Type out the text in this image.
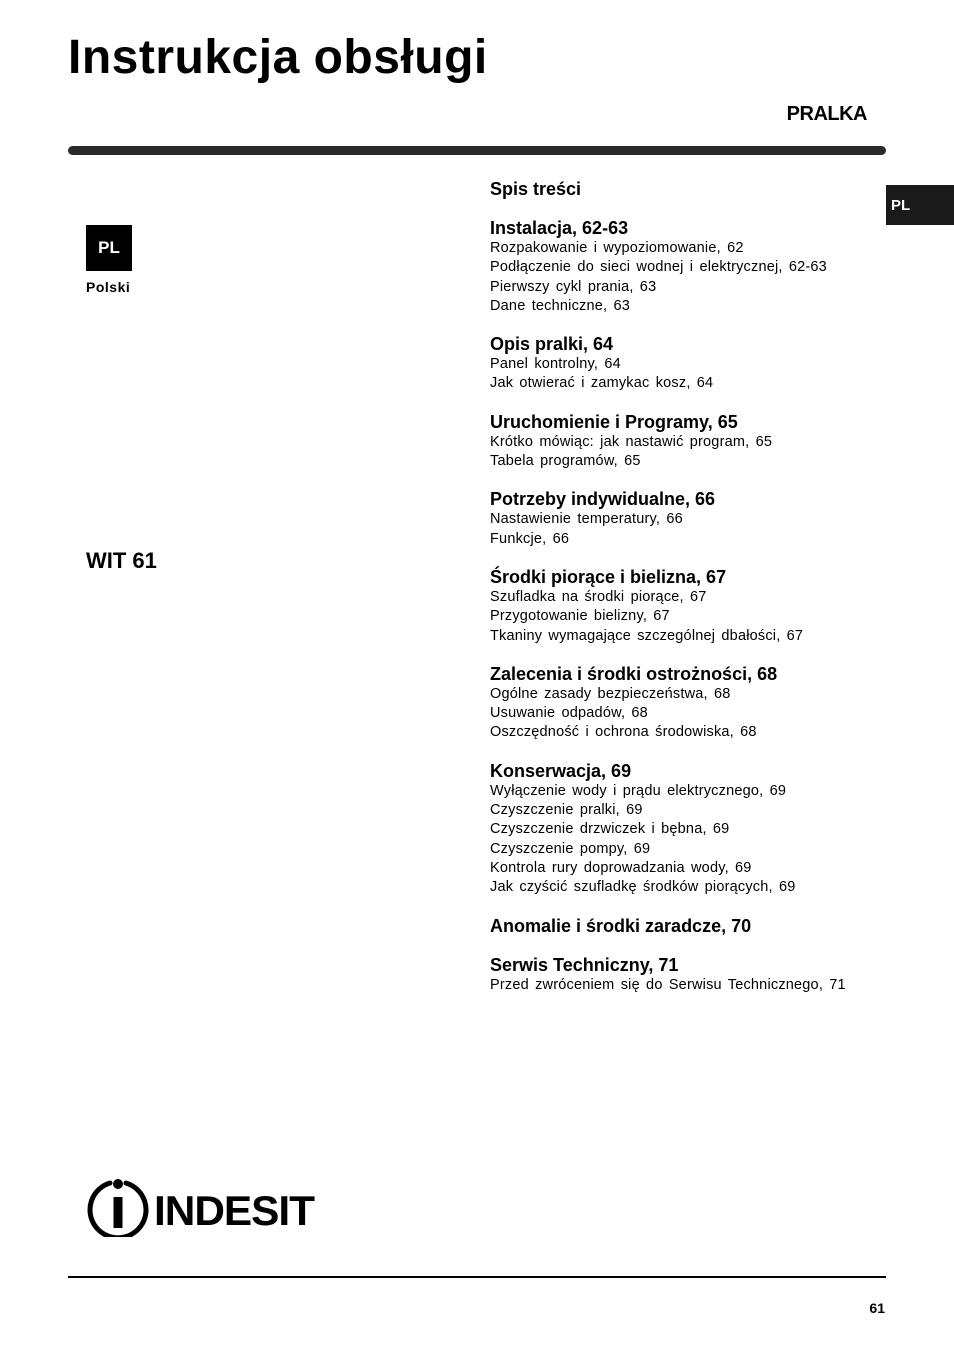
Instrukcja obsługi
PRALKA
PL
PL
Polski
WIT 61
Spis treści
Instalacja, 62-63
Rozpakowanie i wypoziomowanie, 62
Podłączenie do sieci wodnej i elektrycznej, 62-63
Pierwszy cykl prania, 63
Dane techniczne, 63
Opis pralki, 64
Panel kontrolny, 64
Jak otwierać i zamykac kosz, 64
Uruchomienie i Programy, 65
Krótko mówiąc: jak nastawić program, 65
Tabela programów, 65
Potrzeby indywidualne, 66
Nastawienie temperatury, 66
Funkcje, 66
Środki piorące i bielizna, 67
Szufladka na środki piorące, 67
Przygotowanie bielizny, 67
Tkaniny wymagające szczególnej dbałości, 67
Zalecenia i środki ostrożności, 68
Ogólne zasady bezpieczeństwa, 68
Usuwanie odpadów, 68
Oszczędność i ochrona środowiska, 68
Konserwacja, 69
Wyłączenie wody i prądu elektrycznego, 69
Czyszczenie pralki, 69
Czyszczenie drzwiczek i bębna, 69
Czyszczenie pompy, 69
Kontrola rury doprowadzania wody, 69
Jak czyścić szufladkę środków piorących, 69
Anomalie i środki zaradcze, 70
Serwis Techniczny, 71
Przed zwróceniem się do Serwisu Technicznego, 71
INDESIT
61
